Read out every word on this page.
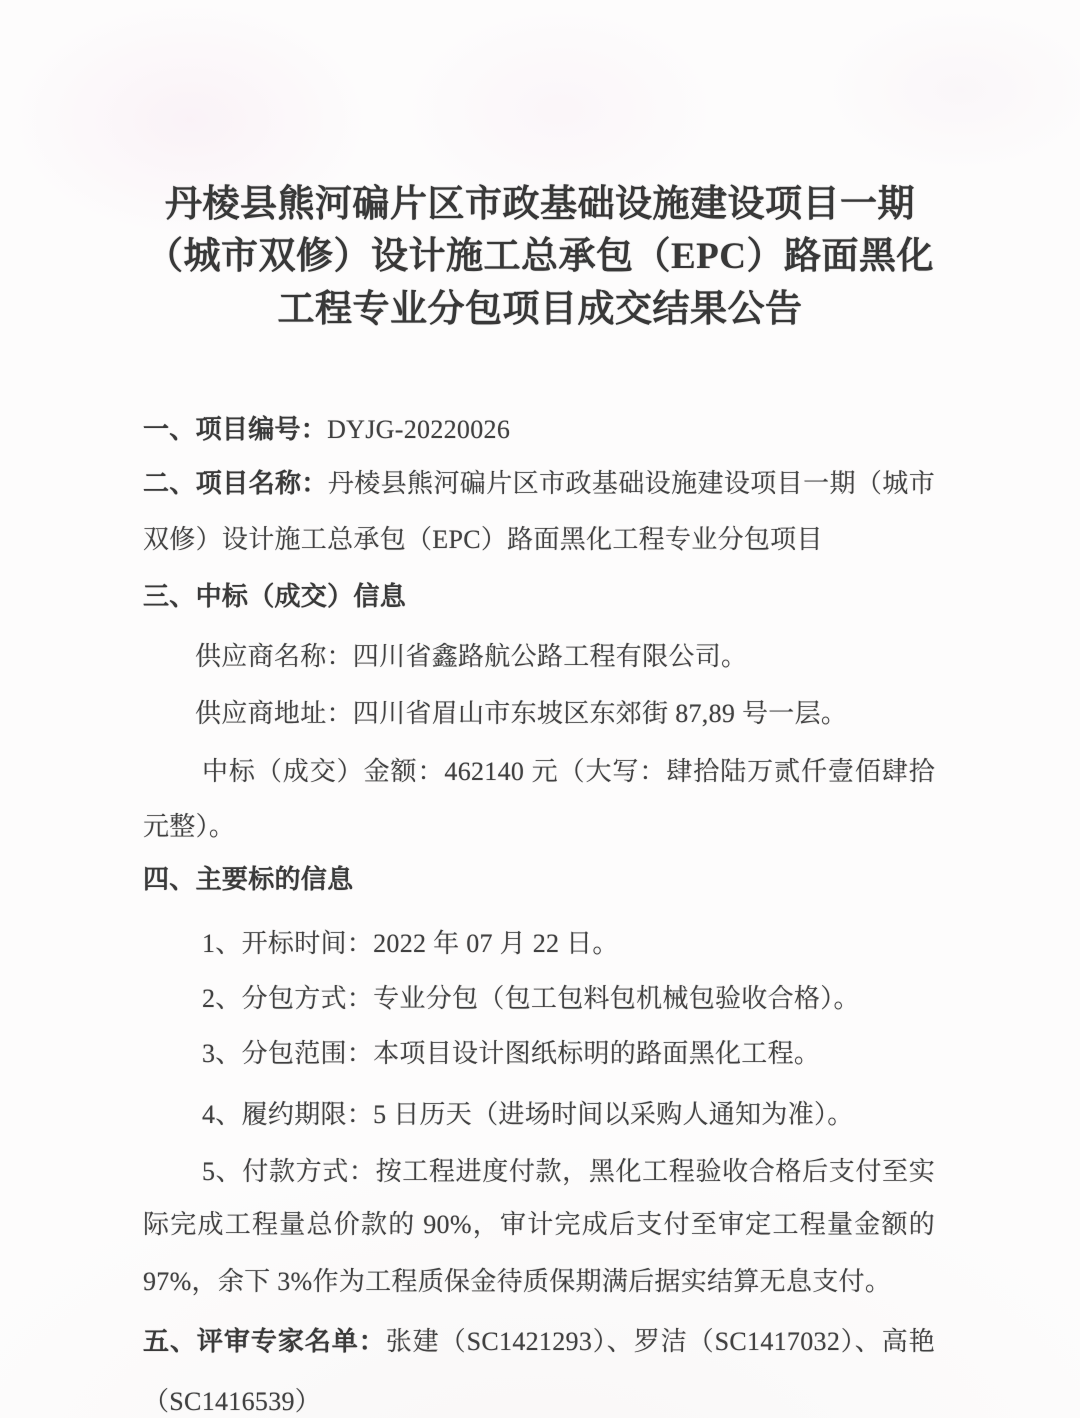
丹棱县熊河碥片区市政基础设施建设项目一期
（城市双修）设计施工总承包（EPC）路面黑化
工程专业分包项目成交结果公告
一、项目编号：DYJG-20220026
二、项目名称：丹棱县熊河碥片区市政基础设施建设项目一期（城市
双修）设计施工总承包（EPC）路面黑化工程专业分包项目
三、中标（成交）信息
供应商名称：四川省鑫路航公路工程有限公司。
供应商地址：四川省眉山市东坡区东郊街 87,89 号一层。
中标（成交）金额：462140 元（大写：肆拾陆万贰仟壹佰肆拾
元整）。
四、主要标的信息
1、开标时间：2022 年 07 月 22 日。
2、分包方式：专业分包（包工包料包机械包验收合格）。
3、分包范围：本项目设计图纸标明的路面黑化工程。
4、履约期限：5 日历天（进场时间以采购人通知为准）。
5、付款方式：按工程进度付款，黑化工程验收合格后支付至实
际完成工程量总价款的 90%，审计完成后支付至审定工程量金额的
97%，余下 3%作为工程质保金待质保期满后据实结算无息支付。
五、评审专家名单：张建（SC1421293）、罗洁（SC1417032）、高艳
（SC1416539）
